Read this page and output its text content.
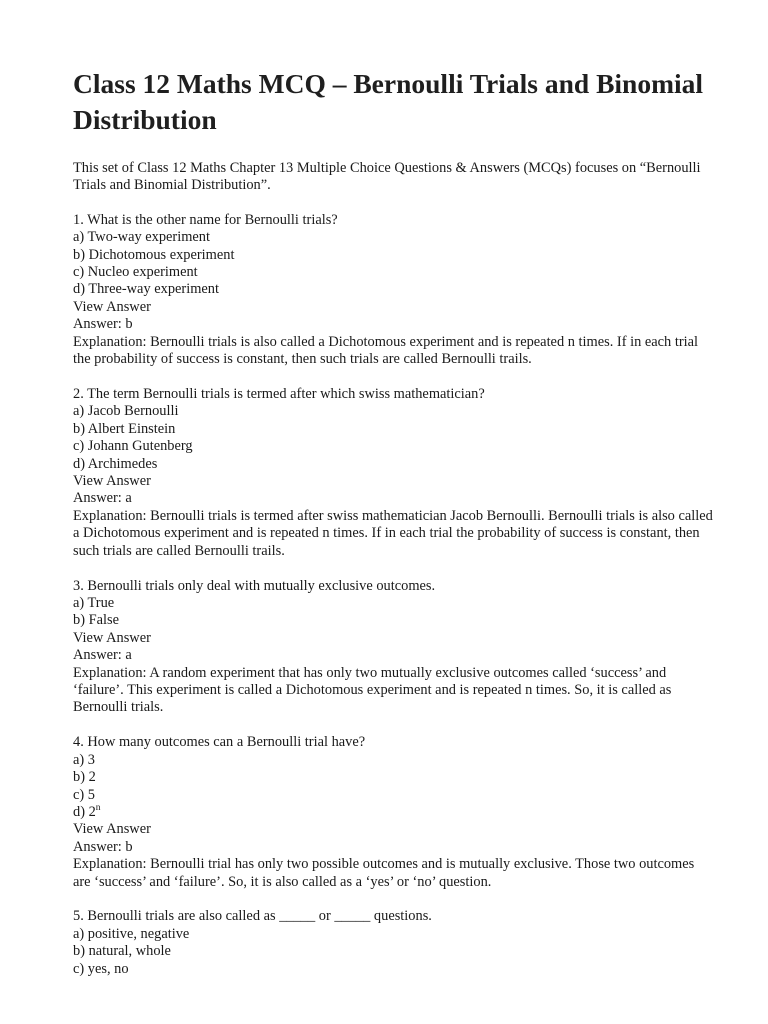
Class 12 Maths MCQ – Bernoulli Trials and Binomial Distribution

This set of Class 12 Maths Chapter 13 Multiple Choice Questions & Answers (MCQs) focuses on “Bernoulli Trials and Binomial Distribution”.

1. What is the other name for Bernoulli trials?

a) Two-way experiment

b) Dichotomous experiment

c) Nucleo experiment

d) Three-way experiment

View Answer

Answer: b

Explanation: Bernoulli trials is also called a Dichotomous experiment and is repeated n times. If in each trial the probability of success is constant, then such trials are called Bernoulli trails.

2. The term Bernoulli trials is termed after which swiss mathematician?

a) Jacob Bernoulli

b) Albert Einstein

c) Johann Gutenberg

d) Archimedes

View Answer

Answer: a

Explanation: Bernoulli trials is termed after swiss mathematician Jacob Bernoulli. Bernoulli trials is also called a Dichotomous experiment and is repeated n times. If in each trial the probability of success is constant, then such trials are called Bernoulli trails.

3. Bernoulli trials only deal with mutually exclusive outcomes.

a) True

b) False

View Answer

Answer: a

Explanation: A random experiment that has only two mutually exclusive outcomes called ‘success’ and ‘failure’. This experiment is called a Dichotomous experiment and is repeated n times. So, it is called as Bernoulli trials.

4. How many outcomes can a Bernoulli trial have?

a) 3

b) 2

c) 5

d) 2$^n$

View Answer

Answer: b

Explanation: Bernoulli trial has only two possible outcomes and is mutually exclusive. Those two outcomes are ‘success’ and ‘failure’. So, it is also called as a ‘yes’ or ‘no’ question.

5. Bernoulli trials are also called as _____ or _____ questions.

a) positive, negative

b) natural, whole

c) yes, no
